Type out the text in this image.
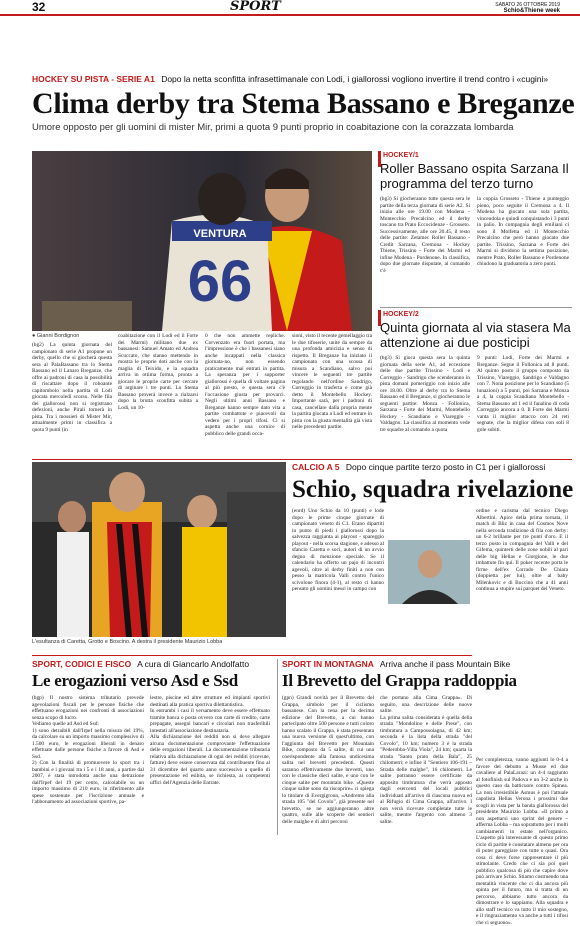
32	SPORT	SABATO 26 OTTOBRE 2019
Schio&Thiene week
HOCKEY SU PISTA - SERIE A1 Dopo la netta sconfitta infrasettimanale con Lodi, i giallorossi vogliono invertire il trend contro i «cugini»
Clima derby tra Stema Bassano e Breganze
Umore opposto per gli uomini di mister Mir, primi a quota 9 punti proprio in coabitazione con la corazzata lombarda
VENTURA
66
● Gianni Bordignon
(bg2) La quinta giornata del campionato di serie A1 propone un derby, quello che si giocherà questa sera al PalaBassano tra lo Stema Bassano ed il Lanaro Breganze, che offre ai padroni di casa la possibilità di riscattare dopo il roboante capitombolo nella partita di Lodi giocata mercoledì scorso. Nelle fila dei giallorossi non si registrano defezioni, anche Pirali tornerà in pista. Tra i mossieri di Mister Mir, attualmente primi in classifica a quota 9 punti (in
coabitazione con il Lodi ed il Forte dei Marmi) militano due ex bassanesi: Samuel Amato ed Andrea Scuccato, che stanno mettendo in mostra le proprie doti anche con la maglia di Teixido, e la squadra arriva in ottima forma, pronta a giocare le proprie carte per cercare di arginare i tre punti. Lo Stema Bassano proverà invece a rialzarsi dopo la brutta sconfitta subita a Lodi, un 10-
0 che non ammette repliche. Corvenzato era fuori portata, ma l'impressione è che i bassanesi siano anche incappati nella classica giornata-no, non essendo praticamente mai entrati in partita. La speranza per i supporter giallorossi è quella di voltare pagina al più presto, e questa sera c'è l'occasione giusta per provarci. Negli ultimi anni Bassano e Breganze hanno sempre dato vita a partite combattute e piacevoli da vedere per i propri tifosi. Ci si aspetta anche una cornice di pubblico delle grandi occa-
sioni, visto il recente gemellaggio tra le due tifoserie, unite da sempre da una profonda amicizia e senso di rispetto. Il Breganze ha iniziato il campionato con una scossa di misura a Scandiano, salvo poi vincere le seguenti tre partite regolando nell'ordine Sandrigo, Correggio in trasferta e come già detto il Montebello Hockey. Importante sarà, per i padroni di casa, cancellare dalla propria mente la partita giocata a Lodi ed entrare in pista con la giusta mentalità già vista nelle precedenti partite.
HOCKEY/1
Roller Bassano ospita Sarzana Il programma del terzo turno
(bg3) Si giocheranno tutte questa sera le partite della terza giornata di serie A2. Si inizia alle ore 19.00 con Modena - Montecchio Precalcino ed il derby toscano tra Prato Eccocidenze - Grosseto. Successivamente, alle ore 20.45, il resto delle partite: Zetamec Roller Bassano - Credit Sarzana, Cremona - Hockey Thiene, Trissino - Forte dei Marmi ed infine Modena - Pordenone. In classifica, dopo due giornate disputate, al comando c'è
la coppia Grosseto - Thiene a punteggio pieno, poco seguite il Cremona a 4. Il Modena ha giocato una sola partita, vincendola e quindi conquistando i 3 punti in palio. In compagnia degli emiliani ci sono il Molfetta ed il Montecchio Precalcino che però hanno giocato due partite. Trissino, Sarzana e Forte dei Marmi si dividono la settima posizione, mentre Prato, Roller Bassano e Pordenone chiudono la graduatoria a zero punti.
HOCKEY/2
Quinta giornata al via stasera Ma attenzione ai due posticipi
(bg3) Si gioca questa sera la quinta giornata della serie A1, ad eccezione delle due partite Trissino - Lodi e Correggio - Sandrigo che scenderanno in pista domani pomeriggio con inizio alle ore 18.00. Oltre al derby tra lo Stema Bassano ed il Breganze, si giocheranno le seguenti partite: Monza - Follonica, Sarzana - Forte dei Marmi, Montebello Hockey - Scandiano e Viareggio - Valdagno. La classifica al momento vede tre squadre al comando a quota
9 punti: Lodi, Forte dei Marmi e Breganze. Segue il Follonica ad 8 punti. Al quinto posto il gruppo composto da Trissino, Viareggio, Sandrigo e Valdagno con 7. Nona posizione per lo Scandiano (5 lunazioni) a 5 punti, poi Sarzana e Monza a 4, la coppia Scandiano Montebello - Stema Bassano ad 1 ed il fanalino di coda Correggio ancora a 0. Il Forte dei Marmi vanta il miglior attacco con 24 reti segnate, che la miglior difesa con soli 8 gole subiti.
L'esultanza di Caretta, Grotto e Boscino. A destra il presidente Maurizio Lobba
CALCIO A 5 Dopo cinque partite terzo posto in C1 per i giallorossi
Schio, squadra rivelazione
(enrd) Uno Schio da 10 (punti) e lode dopo le prime cinque giornate di campionato veneto di C1. Erano dipartiti in punto di piedi i giallorossi dopo la salvezza raggiunta ai playout - spareggio playout - nella scorsa stagione, e adesso al sfancio Caretta e soci, autori di un avvio degno di menzione speciale. Se il calendario ha offerto un pajo di incontri agevoli, oltre al derby finiti a non con pesso la matricola Valli contro l'unico scivolone finora (4-1), al resto ci hanno pensato gli uomini messi in campo con
ordine e carisma dal tecnico Diego Albertini. Apice della prima tornata, il match di Bliz in casa del Cosmos Nove nella seconda tradizione di fila con derby: un 6-2 brillante per tre punti d'oro. E il terzo posto in compagnia del Valli e del Gifema, quinterti delle zone nobili al pari delle big Hellas e Giorgione, le due imbattute fin qui. Il poker recente porta le firme dell'ex Corrado De Chiara (doppietta per lui), oltre al baby Milenkovic e di Buccino che a 41 anni continua a stupire sui parquet del Veneto.
SPORT, CODICI E FISCO A cura di Giancarlo Andolfatto
Le erogazioni verso Asd e Ssd
(bgp) Il nostro sistema tributario prevede agevolazioni fiscali per le persone fisiche che effettuano erogazioni nei confronti di associazioni senza scopo di lucro.
Vediamo quelle ad Asd ed Ssd:
1) sono detraibili dall'Irpef nella misura del 19%, da calcolare su un importo massimo complessivo di 1.500 euro, le erogazioni liberali in denaro effettuate dalle persone fisiche a favore di Asd e Ssd.
2) Con la finalità di promuovere lo sport tra i bambini e i giovani tra i 5 e i 18 anni, a partire dal 2007, è stata introdotta anche una detrazione dall'Irpef del 19 per cento, calcolabile su un importo massimo di 210 euro, in riferimento alle spese sostenute per l'iscrizione annuale e l'abbonamento ad associazioni sportive, pa-
lestre, piscine ed altre strutture ed impianti sportivi destinati alla pratica sportiva dilettantistica.
In entrambi i casi il versamento deve essere effettuato tramite banca o posta ovvero con carte di credito, carte prepagate, assegni bancari e circolari non trasferibili intestati all'associazione destinataria.
Alla dichiarazione dei redditi non si deve allegare alcuna documentazione comprovante l'effettuazione delle erogazioni liberali. La documentazione tributaria relativa alla dichiarazione di ogni dei redditi (ricevute, fatture) deve essere conservata dal contribuente fino al 31 dicembre del quarto anno successivo a quello di presentazione ed esibita, se richiesta, ai competenti uffici dell'Agenzia delle Entrate.
SPORT IN MONTAGNA Arriva anche il pass Mountain Bike
Il Brevetto del Grappa raddoppia
(gpn) Grandi novità per il Brevetto del Grappa, simbolo per il ciclismo bassanese. Con la cena per la decima edizione del Brevetto, a cui hanno partecipato oltre 500 persone e tutti coloro hanno scalato il Grappa, è stata presentata una nuova versione di quest'ultimo, con l'aggiunta del Brevetto per Mountain Bike, composto da 5 salite, di cui una coerispondente alla famosa undicesima salita nel brevetti precedenti. Questi saranno effettivamente due brevetti, uno con le classiche dieci salite, e uno con le cinque salite per mountain bike. «Queste cinque salite sono da riscoprire» ci spiega lo titolare di Evergigroun, «Andremo alla strada 105 "del Covolo", già presente nel brevetto, se ne aggiungeranno altre quattro, sulle alle scoperte dei sentieri delle malghe e di altri percorsi
che portano alla Cima Grappa». Di seguito, una descrizione delle nuove salite.
La prima salita considerata è quella della strada "Mondolino e delle Prese", con timbratura a Campossolagna, di 42 km; seconda è la lista della strada "del Covolo", 10 km; numero 3 è la strada "Pederobba-Villa Viola", 24 km; quarta la strada "Santo prato della Bala", 25 chilometri; e infine il "Sentiero 106-191 – Strada delle malghe", 16 chilometri. Le salite potranno essere certificate da apposito timbratura che verrà apposto dagli esercenti del locali pubblici individuati all'arrivo di ciascuna nuova ed al Rifugio di Cima Grappa, all'arrivo. I non verrà ricevute completate tutte le salite, mentre l'argento con almeno 3 salite.
Per completezza, vanno aggiunti lo 0-4 a favore del debutto a Musse ed due cavaliere al PalaLarazi: un 4-4 raggiunto al fotofinish sul Padova e un 3-2 anche in questo caso da batticuore contro Spinea. La non irresistibile Asmus è poi l'attuale capolista Hellas Verona i prossimi due scogli in vista per la banda giallorossa del presidente Maurizio Lobba. «Il primo a non aspettarsi uno sprint del genere – afferma Lobba – ma soprattutto per i molti cambiamenti in estate nell'organico. L'aspetto più interessante di questo primo ciclo di partite è constatare almeno per ora di poter gareggiare con tutte o quasi. Ora cosa ci deve forse rappresentare il più stimolante. Credo che ci sia poi quel pubblico qualcosa di più che capire dove può arrivare Schio. Stiamo costruendo una mentalità vincente che ci dia ancora più spinta per il futuro, ma si tratta di un percorso, abbiamo tutto ancora da dimostrare e lo sappiamo. Alla squadra e allo staff tecnico va tutto il mio sostegno, e il ringraziamento va anche a tutti i tifosi che ci seguono».
